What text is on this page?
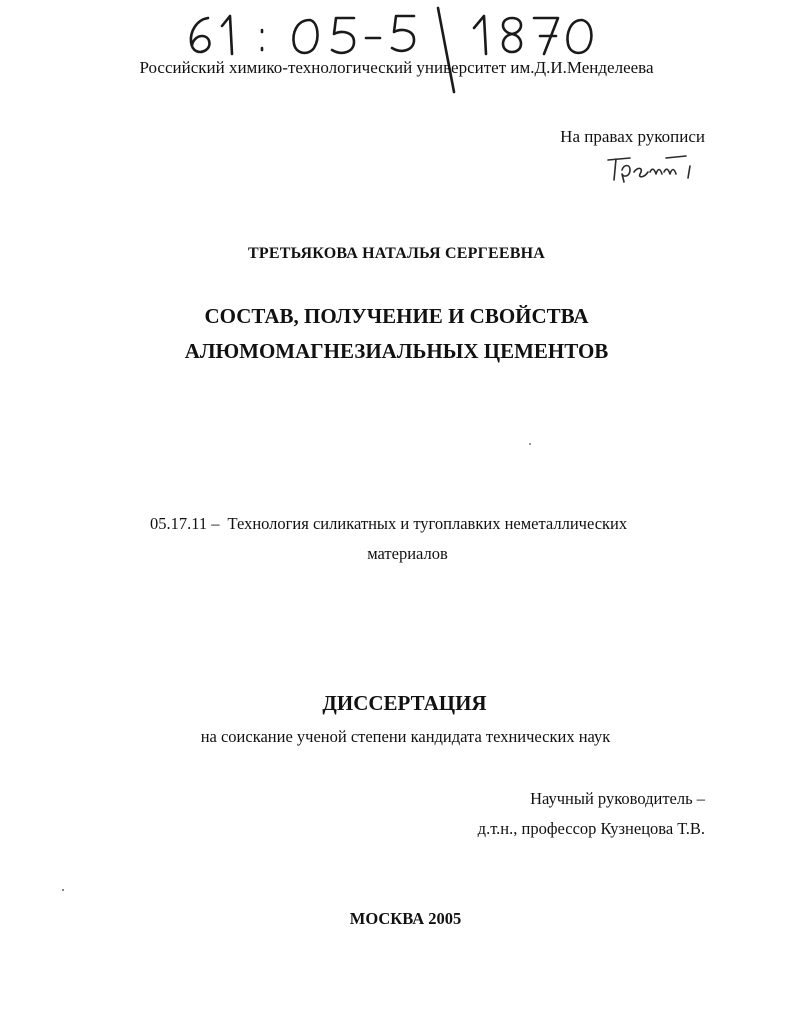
Российский химико-технологический университет им.Д.И.Менделеева
На правах рукописи
ТРЕТЬЯКОВА НАТАЛЬЯ СЕРГЕЕВНА
СОСТАВ, ПОЛУЧЕНИЕ И СВОЙСТВА
АЛЮМОМАГНЕЗИАЛЬНЫХ ЦЕМЕНТОВ
05.17.11 – Технология силикатных и тугоплавких неметаллических
материалов
ДИССЕРТАЦИЯ
на соискание ученой степени кандидата технических наук
Научный руководитель –
д.т.н., профессор Кузнецова Т.В.
МОСКВА 2005
